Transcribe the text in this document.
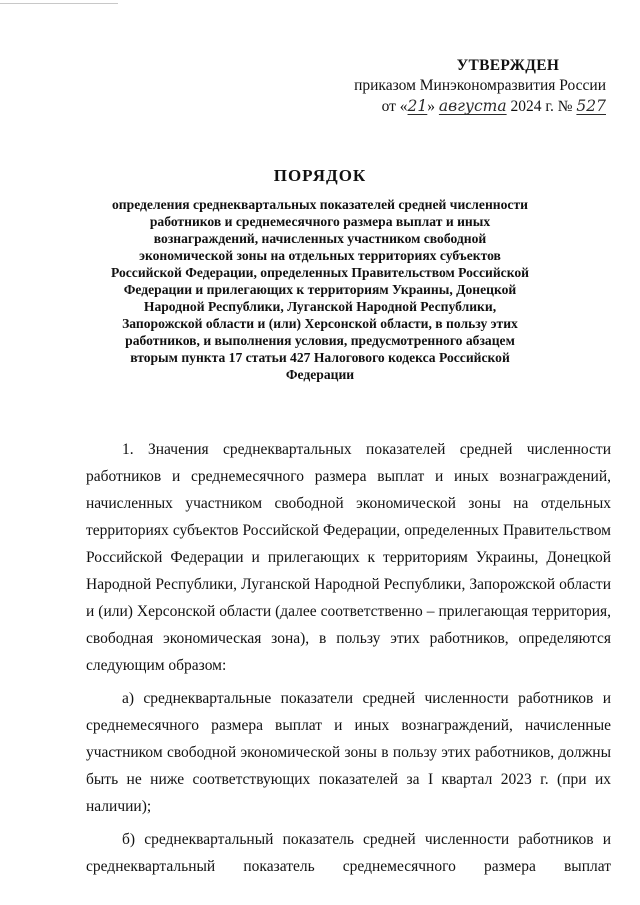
УТВЕРЖДЕН
приказом Минэкономразвития России
от «21» августа 2024 г. № 527
ПОРЯДОК
определения среднеквартальных показателей средней численности работников и среднемесячного размера выплат и иных вознаграждений, начисленных участником свободной экономической зоны на отдельных территориях субъектов Российской Федерации, определенных Правительством Российской Федерации и прилегающих к территориям Украины, Донецкой Народной Республики, Луганской Народной Республики, Запорожской области и (или) Херсонской области, в пользу этих работников, и выполнения условия, предусмотренного абзацем вторым пункта 17 статьи 427 Налогового кодекса Российской Федерации

1. Значения среднеквартальных показателей средней численности работников и среднемесячного размера выплат и иных вознаграждений, начисленных участником свободной экономической зоны на отдельных территориях субъектов Российской Федерации, определенных Правительством Российской Федерации и прилегающих к территориям Украины, Донецкой Народной Республики, Луганской Народной Республики, Запорожской области и (или) Херсонской области (далее соответственно – прилегающая территория, свободная экономическая зона), в пользу этих работников, определяются следующим образом:

а) среднеквартальные показатели средней численности работников и среднемесячного размера выплат и иных вознаграждений, начисленные участником свободной экономической зоны в пользу этих работников, должны быть не ниже соответствующих показателей за I квартал 2023 г. (при их наличии);

б) среднеквартальный показатель средней численности работников и среднеквартальный показатель среднемесячного размера выплат
